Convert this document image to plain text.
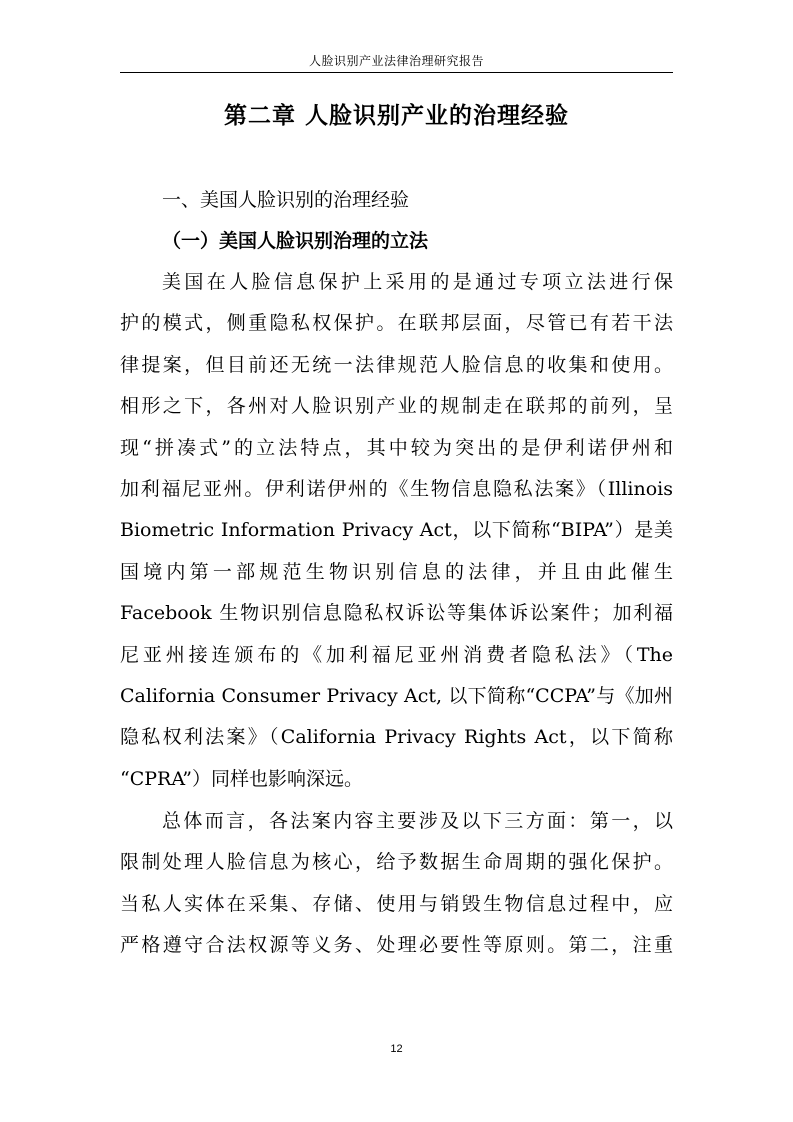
人脸识别产业法律治理研究报告
第二章 人脸识别产业的治理经验
一、美国人脸识别的治理经验
（一）美国人脸识别治理的立法
美国在人脸信息保护上采用的是通过专项立法进行保
护的模式，侧重隐私权保护。在联邦层面，尽管已有若干法
律提案，但目前还无统一法律规范人脸信息的收集和使用。
相形之下，各州对人脸识别产业的规制走在联邦的前列，呈
现“拼凑式”的立法特点，其中较为突出的是伊利诺伊州和
加利福尼亚州。伊利诺伊州的《生物信息隐私法案》（Illinois
Biometric Information Privacy Act，以下简称“BIPA”）是美
国境内第一部规范生物识别信息的法律，并且由此催生
Facebook 生物识别信息隐私权诉讼等集体诉讼案件；加利福
尼亚州接连颁布的《加利福尼亚州消费者隐私法》（The
California Consumer Privacy Act, 以下简称“CCPA”与《加州
隐私权利法案》（California Privacy Rights Act，以下简称
“CPRA”）同样也影响深远。
总体而言，各法案内容主要涉及以下三方面：第一，以
限制处理人脸信息为核心，给予数据生命周期的强化保护。
当私人实体在采集、存储、使用与销毁生物信息过程中，应
严格遵守合法权源等义务、处理必要性等原则。第二，注重
12
